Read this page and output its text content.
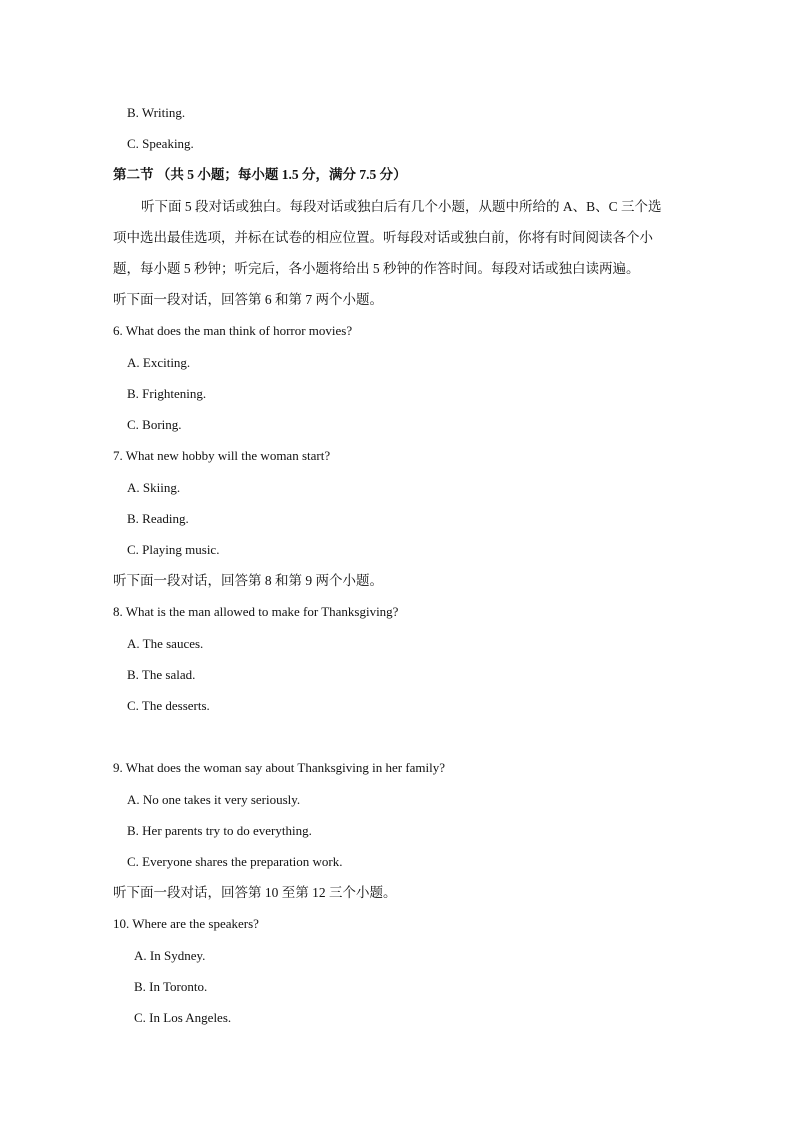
B. Writing.
C. Speaking.
第二节 （共 5 小题；每小题 1.5 分，满分 7.5 分）
听下面 5 段对话或独白。每段对话或独白后有几个小题，从题中所给的 A、B、C 三个选
项中选出最佳选项，并标在试卷的相应位置。听每段对话或独白前，你将有时间阅读各个小
题，每小题 5 秒钟；听完后，各小题将给出 5 秒钟的作答时间。每段对话或独白读两遍。
听下面一段对话，回答第 6 和第 7 两个小题。
6. What does the man think of horror movies?
A. Exciting.
B. Frightening.
C. Boring.
7. What new hobby will the woman start?
A. Skiing.
B. Reading.
C. Playing music.
听下面一段对话，回答第 8 和第 9 两个小题。
8. What is the man allowed to make for Thanksgiving?
A. The sauces.
B. The salad.
C. The desserts.
9. What does the woman say about Thanksgiving in her family?
A. No one takes it very seriously.
B. Her parents try to do everything.
C. Everyone shares the preparation work.
听下面一段对话，回答第 10 至第 12 三个小题。
10. Where are the speakers?
A. In Sydney.
B. In Toronto.
C. In Los Angeles.
